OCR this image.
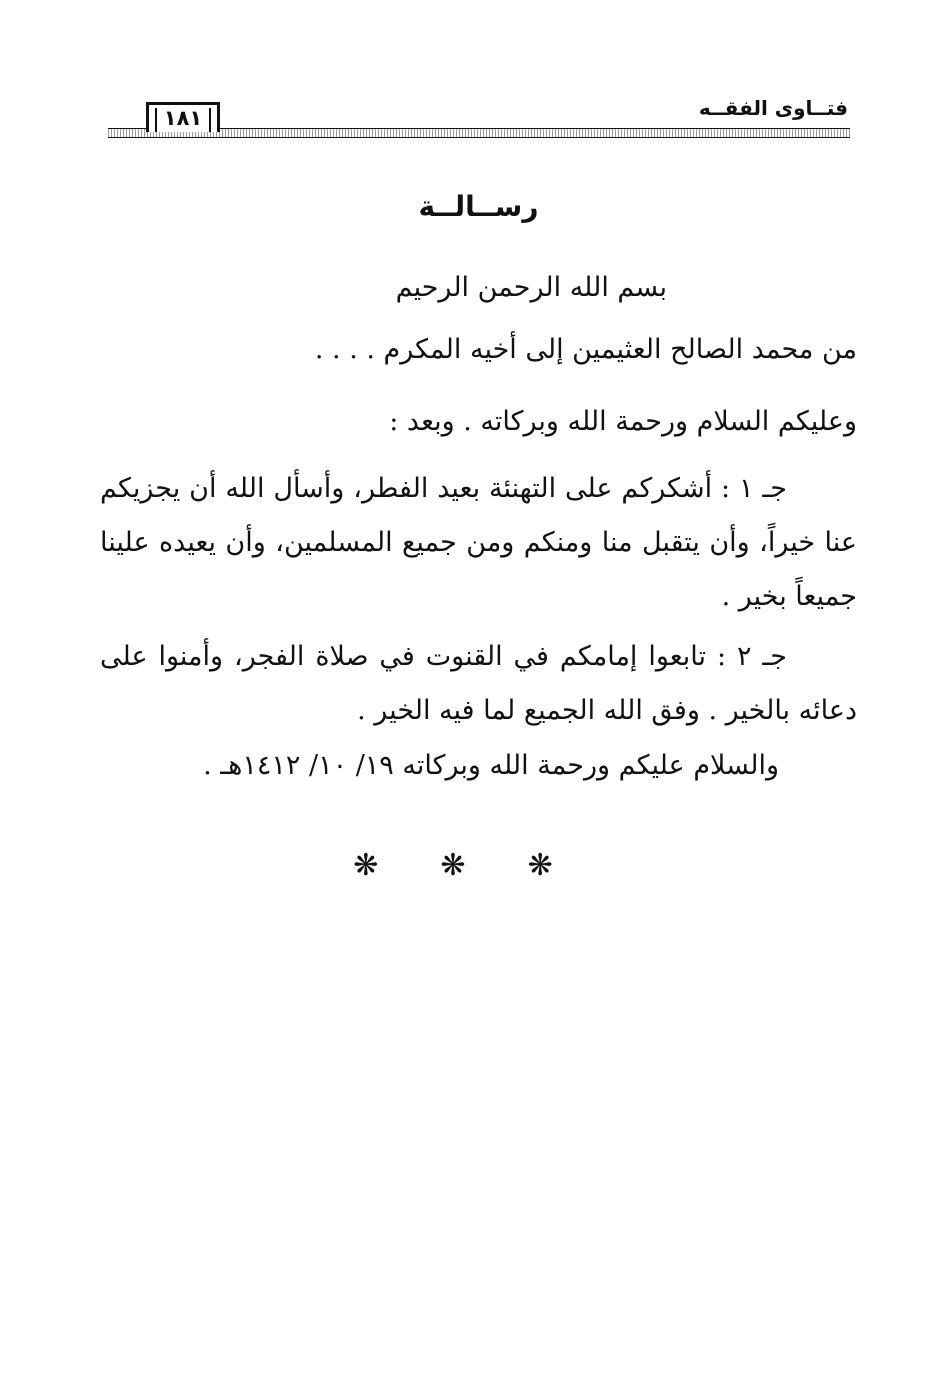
١٨١	فتــاوى الفقــه
رســالــة
بسم الله الرحمن الرحيم
من محمد الصالح العثيمين إلى أخيه المكرم . . . .
وعليكم السلام ورحمة الله وبركاته . وبعد :
جـ ١ : أشكركم على التهنئة بعيد الفطر، وأسأل الله أن يجزيكم عنا خيراً، وأن يتقبل منا ومنكم ومن جميع المسلمين، وأن يعيده علينا جميعاً بخير .
جـ ٢ : تابعوا إمامكم في القنوت في صلاة الفجر، وأمنوا على دعائه بالخير . وفق الله الجميع لما فيه الخير .
والسلام عليكم ورحمة الله وبركاته ١٩/ ١٠/ ١٤١٢هـ .
❋ ❋ ❋
